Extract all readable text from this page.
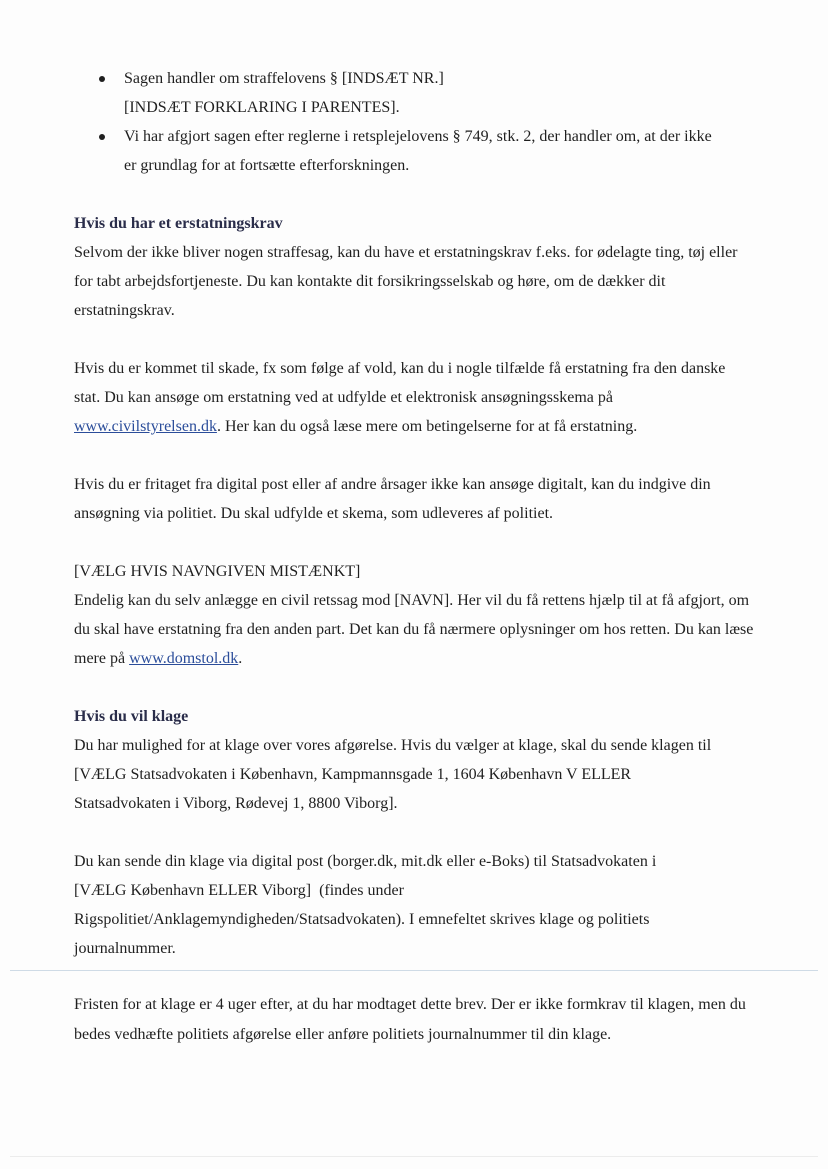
Sagen handler om straffelovens § [INDSÆT NR.]
[INDSÆT FORKLARING I PARENTES].
Vi har afgjort sagen efter reglerne i retsplejelovens § 749, stk. 2, der handler om, at der ikke
er grundlag for at fortsætte efterforskningen.

Hvis du har et erstatningskrav

Selvom der ikke bliver nogen straffesag, kan du have et erstatningskrav f.eks. for ødelagte ting, tøj eller for tabt arbejdsfortjeneste. Du kan kontakte dit forsikringsselskab og høre, om de dækker dit erstatningskrav.

Hvis du er kommet til skade, fx som følge af vold, kan du i nogle tilfælde få erstatning fra den danske stat. Du kan ansøge om erstatning ved at udfylde et elektronisk ansøgningsskema på
www.civilstyrelsen.dk. Her kan du også læse mere om betingelserne for at få erstatning.

Hvis du er fritaget fra digital post eller af andre årsager ikke kan ansøge digitalt, kan du indgive din ansøgning via politiet. Du skal udfylde et skema, som udleveres af politiet.

[VÆLG HVIS NAVNGIVEN MISTÆNKT]

Endelig kan du selv anlægge en civil retssag mod [NAVN]. Her vil du få rettens hjælp til at få afgjort, om du skal have erstatning fra den anden part. Det kan du få nærmere oplysninger om hos retten. Du kan læse mere på www.domstol.dk.

Hvis du vil klage

Du har mulighed for at klage over vores afgørelse. Hvis du vælger at klage, skal du sende klagen til
[VÆLG Statsadvokaten i København, Kampmannsgade 1, 1604 København V ELLER
Statsadvokaten i Viborg, Rødevej 1, 8800 Viborg].

Du kan sende din klage via digital post (borger.dk, mit.dk eller e-Boks) til Statsadvokaten i
[VÆLG København ELLER Viborg]  (findes under
Rigspolitiet/Anklagemyndigheden/Statsadvokaten). I emnefeltet skrives klage og politiets
journalnummer.

Fristen for at klage er 4 uger efter, at du har modtaget dette brev. Der er ikke formkrav til klagen, men du bedes vedhæfte politiets afgørelse eller anføre politiets journalnummer til din klage.
